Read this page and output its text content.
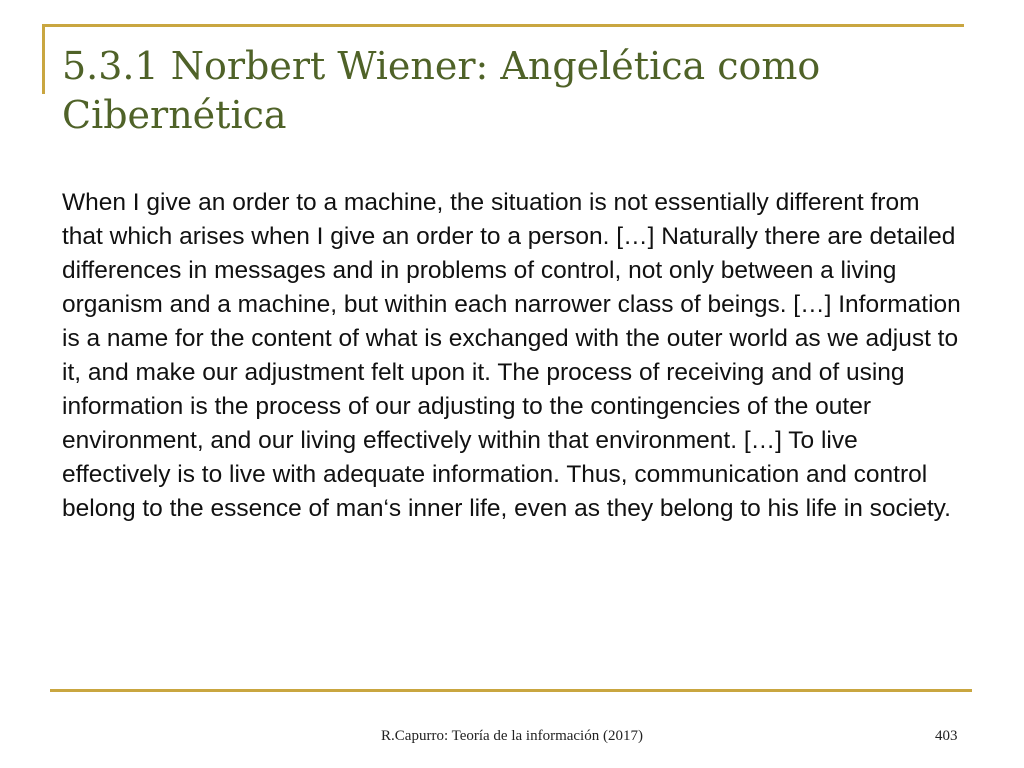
5.3.1 Norbert Wiener: Angelética como Cibernética

When I give an order to a machine, the situation is not essentially different from that which arises when I give an order to a person. […] Naturally there are detailed differences in messages and in problems of control, not only between a living organism and a machine, but within each narrower class of beings. […] Information is a name for the content of what is exchanged with the outer world as we adjust to it, and make our adjustment felt upon it. The process of receiving and of using information is the process of our adjusting to the contingencies of the outer environment, and our living effectively within that environment. […] To live effectively is to live with adequate information. Thus, communication and control belong to the essence of man‘s inner life, even as they belong to his life in society.

R.Capurro: Teoría de la información (2017)	403
